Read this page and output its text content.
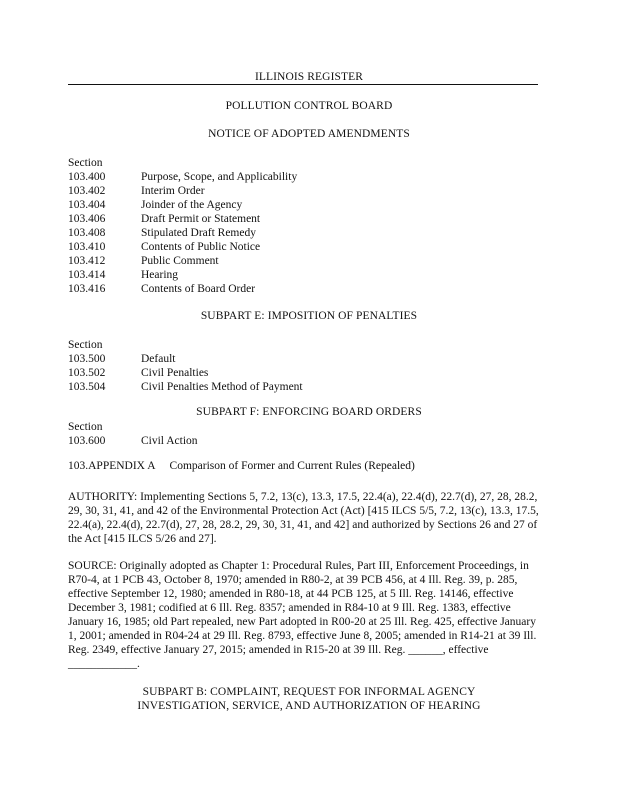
ILLINOIS REGISTER
POLLUTION CONTROL BOARD
NOTICE OF ADOPTED AMENDMENTS
Section
103.400	Purpose, Scope, and Applicability
103.402	Interim Order
103.404	Joinder of the Agency
103.406	Draft Permit or Statement
103.408	Stipulated Draft Remedy
103.410	Contents of Public Notice
103.412	Public Comment
103.414	Hearing
103.416	Contents of Board Order
SUBPART E: IMPOSITION OF PENALTIES
Section
103.500	Default
103.502	Civil Penalties
103.504	Civil Penalties Method of Payment
SUBPART F: ENFORCING BOARD ORDERS
Section
103.600	Civil Action
103.APPENDIX A Comparison of Former and Current Rules (Repealed)

AUTHORITY: Implementing Sections 5, 7.2, 13(c), 13.3, 17.5, 22.4(a), 22.4(d), 22.7(d), 27, 28, 28.2, 29, 30, 31, 41, and 42 of the Environmental Protection Act (Act) [415 ILCS 5/5, 7.2, 13(c), 13.3, 17.5, 22.4(a), 22.4(d), 22.7(d), 27, 28, 28.2, 29, 30, 31, 41, and 42] and authorized by Sections 26 and 27 of the Act [415 ILCS 5/26 and 27].

SOURCE: Originally adopted as Chapter 1: Procedural Rules, Part III, Enforcement Proceedings, in R70-4, at 1 PCB 43, October 8, 1970; amended in R80-2, at 39 PCB 456, at 4 Ill. Reg. 39, p. 285, effective September 12, 1980; amended in R80-18, at 44 PCB 125, at 5 Ill. Reg. 14146, effective December 3, 1981; codified at 6 Ill. Reg. 8357; amended in R84-10 at 9 Ill. Reg. 1383, effective January 16, 1985; old Part repealed, new Part adopted in R00-20 at 25 Ill. Reg. 425, effective January 1, 2001; amended in R04-24 at 29 Ill. Reg. 8793, effective June 8, 2005; amended in R14-21 at 39 Ill. Reg. 2349, effective January 27, 2015; amended in R15-20 at 39 Ill. Reg. ______, effective ____________.

SUBPART B: COMPLAINT, REQUEST FOR INFORMAL AGENCY
INVESTIGATION, SERVICE, AND AUTHORIZATION OF HEARING
